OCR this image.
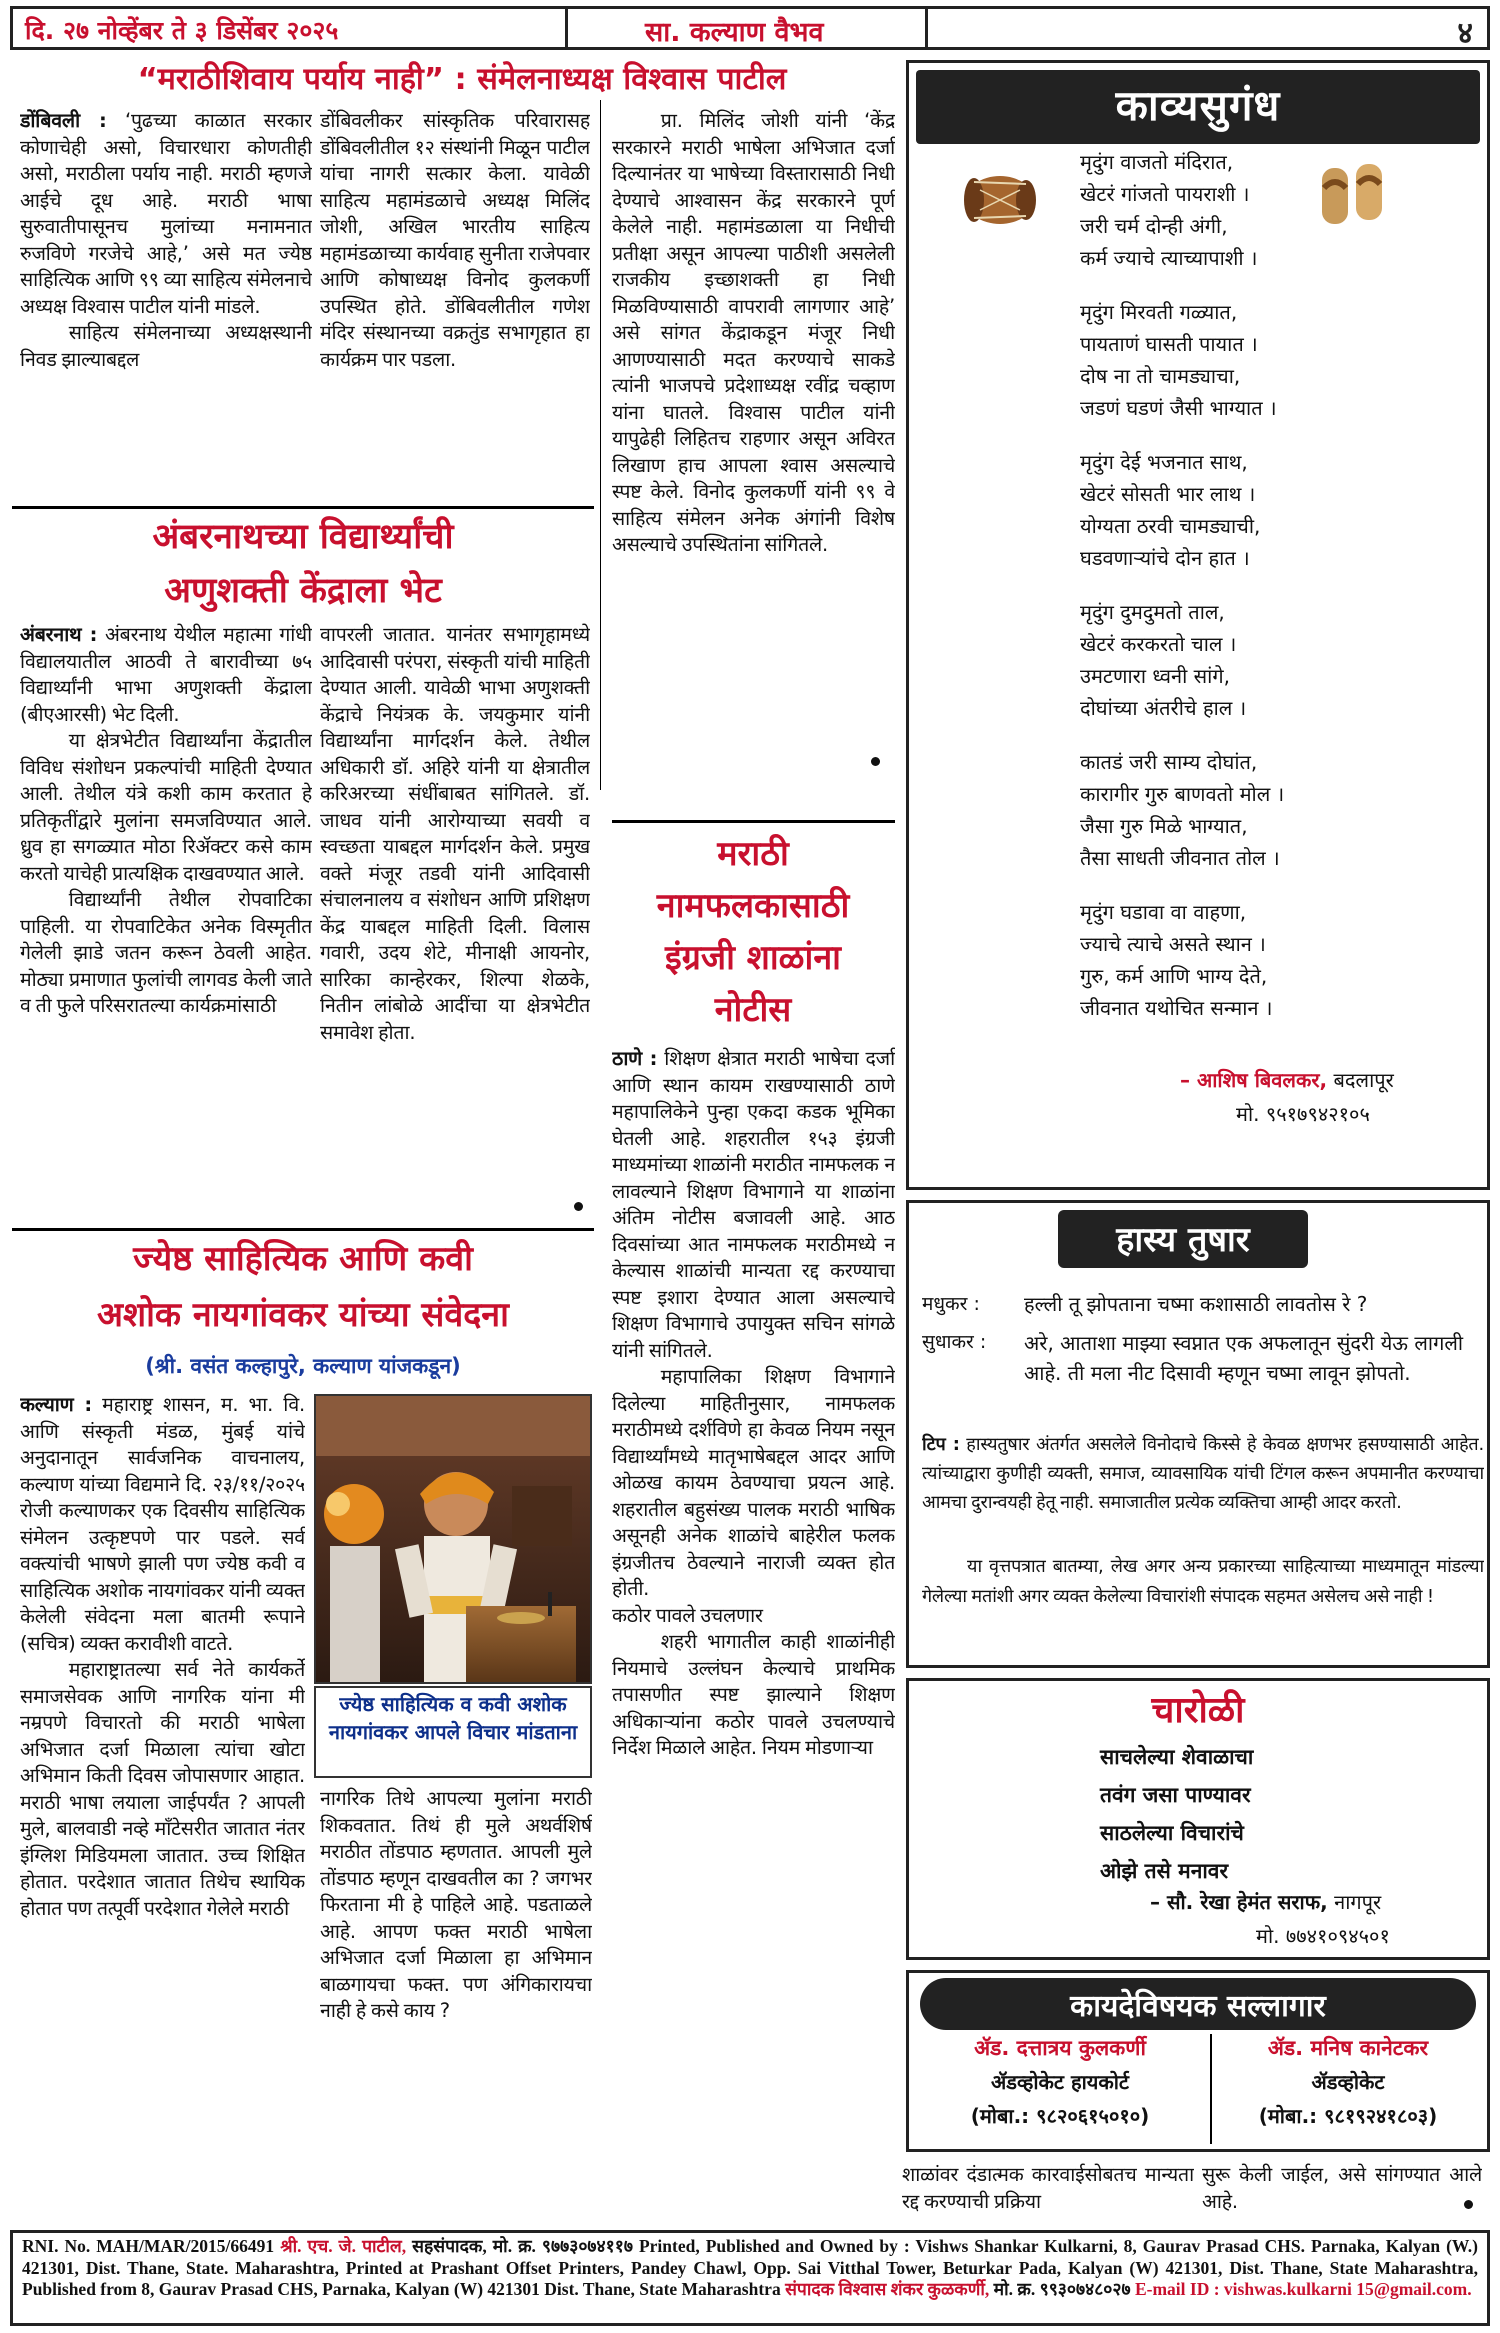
दि. २७ नोव्हेंबर ते ३ डिसेंबर २०२५	सा. कल्याण वैभव	४
“मराठीशिवाय पर्याय नाही” : संमेलनाध्यक्ष विश्वास पाटील

डोंबिवली : ‘पुढच्या काळात सरकार कोणाचेही असो, विचारधारा कोणतीही असो, मराठीला पर्याय नाही. मराठी म्हणजे आईचे दूध आहे. मराठी भाषा सुरुवातीपासूनच मुलांच्या मनामनात रुजविणे गरजेचे आहे,’ असे मत ज्येष्ठ साहित्यिक आणि ९९ व्या साहित्य संमेलनाचे अध्यक्ष विश्वास पाटील यांनी मांडले.

साहित्य संमेलनाच्या अध्यक्षस्थानी निवड झाल्याबद्दल

डोंबिवलीकर सांस्कृतिक परिवारासह डोंबिवलीतील १२ संस्थांनी मिळून पाटील यांचा नागरी सत्कार केला. यावेळी साहित्य महामंडळाचे अध्यक्ष मिलिंद जोशी, अखिल भारतीय साहित्य महामंडळाच्या कार्यवाह सुनीता राजेपवार आणि कोषाध्यक्ष विनोद कुलकर्णी उपस्थित होते. डोंबिवलीतील गणेश मंदिर संस्थानच्या वक्रतुंड सभागृहात हा कार्यक्रम पार पडला.

प्रा. मिलिंद जोशी यांनी ‘केंद्र सरकारने मराठी भाषेला अभिजात दर्जा दिल्यानंतर या भाषेच्या विस्तारासाठी निधी देण्याचे आश्वासन केंद्र सरकारने पूर्ण केलेले नाही. महामंडळाला या निधीची प्रतीक्षा असून आपल्या पाठीशी असलेली राजकीय इच्छाशक्ती हा निधी मिळविण्यासाठी वापरावी लागणार आहे’ असे सांगत केंद्राकडून मंजूर निधी आणण्यासाठी मदत करण्याचे साकडे त्यांनी भाजपचे प्रदेशाध्यक्ष रवींद्र चव्हाण यांना घातले. विश्वास पाटील यांनी यापुढेही लिहितच राहणार असून अविरत लिखाण हाच आपला श्वास असल्याचे स्पष्ट केले. विनोद कुलकर्णी यांनी ९९ वे साहित्य संमेलन अनेक अंगांनी विशेष असल्याचे उपस्थितांना सांगितले.

अंबरनाथच्या विद्यार्थ्यांची
अणुशक्ती केंद्राला भेट

अंबरनाथ : अंबरनाथ येथील महात्मा गांधी विद्यालयातील आठवी ते बारावीच्या ७५ विद्यार्थ्यांनी भाभा अणुशक्ती केंद्राला (बीएआरसी) भेट दिली.

या क्षेत्रभेटीत विद्यार्थ्यांना केंद्रातील विविध संशोधन प्रकल्पांची माहिती देण्यात आली. तेथील यंत्रे कशी काम करतात हे प्रतिकृतींद्वारे मुलांना समजविण्यात आले. ध्रुव हा सगळ्यात मोठा रिॲक्टर कसे काम करतो याचेही प्रात्यक्षिक दाखवण्यात आले.

विद्यार्थ्यांनी तेथील रोपवाटिका पाहिली. या रोपवाटिकेत अनेक विस्मृतीत गेलेली झाडे जतन करून ठेवली आहेत. मोठ्या प्रमाणात फुलांची लागवड केली जाते व ती फुले परिसरातल्या कार्यक्रमांसाठी

वापरली जातात. यानंतर सभागृहामध्ये आदिवासी परंपरा, संस्कृती यांची माहिती देण्यात आली. यावेळी भाभा अणुशक्ती केंद्राचे नियंत्रक के. जयकुमार यांनी विद्यार्थ्यांना मार्गदर्शन केले. तेथील अधिकारी डॉ. अहिरे यांनी या क्षेत्रातील करिअरच्या संधींबाबत सांगितले. डॉ. जाधव यांनी आरोग्याच्या सवयी व स्वच्छता याबद्दल मार्गदर्शन केले. प्रमुख वक्ते मंजूर तडवी यांनी आदिवासी संचालनालय व संशोधन आणि प्रशिक्षण केंद्र याबद्दल माहिती दिली. विलास गवारी, उदय शेटे, मीनाक्षी आयनोर, सारिका कान्हेरकर, शिल्पा शेळके, नितीन लांबोळे आदींचा या क्षेत्रभेटीत समावेश होता.

ज्येष्ठ साहित्यिक आणि कवी
अशोक नायगांवकर यांच्या संवेदना
(श्री. वसंत कल्हापुरे, कल्याण यांजकडून)

कल्याण : महाराष्ट्र शासन, म. भा. वि. आणि संस्कृती मंडळ, मुंबई यांचे अनुदानातून सार्वजनिक वाचनालय, कल्याण यांच्या विद्यमाने दि. २३/११/२०२५ रोजी कल्याणकर एक दिवसीय साहित्यिक संमेलन उत्कृष्टपणे पार पडले. सर्व वक्त्यांची भाषणे झाली पण ज्येष्ठ कवी व साहित्यिक अशोक नायगांवकर यांनी व्यक्त केलेली संवेदना मला बातमी रूपाने (सचित्र) व्यक्त करावीशी वाटते.

महाराष्ट्रातल्या सर्व नेते कार्यकर्ते समाजसेवक आणि नागरिक यांना मी नम्रपणे विचारतो की मराठी भाषेला अभिजात दर्जा मिळाला त्यांचा खोटा अभिमान किती दिवस जोपासणार आहात. मराठी भाषा लयाला जाईपर्यंत ? आपली मुले, बालवाडी नव्हे मॉंटेसरीत जातात नंतर इंग्लिश मिडियमला जातात. उच्च शिक्षित होतात. परदेशात जातात तिथेच स्थायिक होतात पण तत्पूर्वी परदेशात गेलेले मराठी

ज्येष्ठ साहित्यिक व कवी अशोक नायगांवकर आपले विचार मांडताना

नागरिक तिथे आपल्या मुलांना मराठी शिकवतात. तिथं ही मुले अथर्वशिर्ष मराठीत तोंडपाठ म्हणतात. आपली मुले तोंडपाठ म्हणून दाखवतील का ? जगभर फिरताना मी हे पाहिले आहे. पडताळले आहे. आपण फक्त मराठी भाषेला अभिजात दर्जा मिळाला हा अभिमान बाळगायचा फक्त. पण अंगिकारायचा नाही हे कसे काय ?

मराठी
नामफलकासाठी
इंग्रजी शाळांना
नोटीस

ठाणे : शिक्षण क्षेत्रात मराठी भाषेचा दर्जा आणि स्थान कायम राखण्यासाठी ठाणे महापालिकेने पुन्हा एकदा कडक भूमिका घेतली आहे. शहरातील १५३ इंग्रजी माध्यमांच्या शाळांनी मराठीत नामफलक न लावल्याने शिक्षण विभागाने या शाळांना अंतिम नोटीस बजावली आहे. आठ दिवसांच्या आत नामफलक मराठीमध्ये न केल्यास शाळांची मान्यता रद्द करण्याचा स्पष्ट इशारा देण्यात आला असल्याचे शिक्षण विभागाचे उपायुक्त सचिन सांगळे यांनी सांगितले.

महापालिका शिक्षण विभागाने दिलेल्या माहितीनुसार, नामफलक मराठीमध्ये दर्शविणे हा केवळ नियम नसून विद्यार्थ्यांमध्ये मातृभाषेबद्दल आदर आणि ओळख कायम ठेवण्याचा प्रयत्न आहे. शहरातील बहुसंख्य पालक मराठी भाषिक असूनही अनेक शाळांचे बाहेरील फलक इंग्रजीतच ठेवल्याने नाराजी व्यक्त होत होती.

कठोर पावले उचलणार

शहरी भागातील काही शाळांनीही नियमाचे उल्लंघन केल्याचे प्राथमिक तपासणीत स्पष्ट झाल्याने शिक्षण अधिकाऱ्यांना कठोर पावले उचलण्याचे निर्देश मिळाले आहेत. नियम मोडणाऱ्या

शाळांवर दंडात्मक कारवाईसोबतच मान्यता रद्द करण्याची प्रक्रिया

सुरू केली जाईल, असे सांगण्यात आले आहे.

काव्यसुगंध

मृदुंग वाजतो मंदिरात,

खेटरं गांजतो पायराशी ।

जरी चर्म दोन्ही अंगी,

कर्म ज्याचे त्याच्यापाशी ।

मृदुंग मिरवती गळ्यात,

पायताणं घासती पायात ।

दोष ना तो चामड्याचा,

जडणं घडणं जैसी भाग्यात ।

मृदुंग देई भजनात साथ,

खेटरं सोसती भार लाथ ।

योग्यता ठरवी चामड्याची,

घडवणाऱ्यांचे दोन हात ।

मृदुंग दुमदुमतो ताल,

खेटरं करकरतो चाल ।

उमटणारा ध्वनी सांगे,

दोघांच्या अंतरीचे हाल ।

कातडं जरी साम्य दोघांत,

कारागीर गुरु बाणवतो मोल ।

जैसा गुरु मिळे भाग्यात,

तैसा साधती जीवनात तोल ।

मृदुंग घडावा वा वाहणा,

ज्याचे त्याचे असते स्थान ।

गुरु, कर्म आणि भाग्य देते,

जीवनात यथोचित सन्मान ।

– आशिष बिवलकर, बदलापूर
मो. ९५१७९४२१०५
हास्य तुषार
मधुकर : हल्ली तू झोपताना चष्मा कशासाठी लावतोस रे ?
सुधाकर : अरे, आताशा माझ्या स्वप्नात एक अफलातून सुंदरी येऊ लागली आहे. ती मला नीट दिसावी म्हणून चष्मा लावून झोपतो.

टिप : हास्यतुषार अंतर्गत असलेले विनोदाचे किस्से हे केवळ क्षणभर हसण्यासाठी आहेत. त्यांच्याद्वारा कुणीही व्यक्ती, समाज, व्यावसायिक यांची टिंगल करून अपमानीत करण्याचा आमचा दुरान्वयही हेतू नाही. समाजातील प्रत्येक व्यक्तिचा आम्ही आदर करतो.

या वृत्तपत्रात बातम्या, लेख अगर अन्य प्रकारच्या साहित्याच्या माध्यमातून मांडल्या गेलेल्या मतांशी अगर व्यक्त केलेल्या विचारांशी संपादक सहमत असेलच असे नाही !

चारोळी

साचलेल्या शेवाळाचा

तवंग जसा पाण्यावर

साठलेल्या विचारांचे

ओझे तसे मनावर

– सौ. रेखा हेमंत सराफ, नागपूर
मो. ७७४१०९४५०१
कायदेविषयक सल्लागार
ॲड. दत्तात्रय कुलकर्णी
ॲडव्होकेट हायकोर्ट
(मोबा.: ९८२०६१५०१०)
ॲड. मनिष कानेटकर
ॲडव्होकेट
(मोबा.: ९८१९२४१८०३)
RNI. No. MAH/MAR/2015/66491 श्री. एच. जे. पाटील, सहसंपादक, मो. क्र. ९७७३०७४११७ Printed, Published and Owned by : Vishws Shankar Kulkarni, 8, Gaurav Prasad CHS. Parnaka, Kalyan (W.) 421301, Dist. Thane, State. Maharashtra, Printed at Prashant Offset Printers, Pandey Chawl, Opp. Sai Vitthal Tower, Beturkar Pada, Kalyan (W) 421301, Dist. Thane, State Maharashtra, Published from 8, Gaurav Prasad CHS, Parnaka, Kalyan (W) 421301 Dist. Thane, State Maharashtra संपादक विश्वास शंकर कुळकर्णी, मो. क्र. ९९३०७४८०२७ E-mail ID : vishwas.kulkarni 15@gmail.com.
